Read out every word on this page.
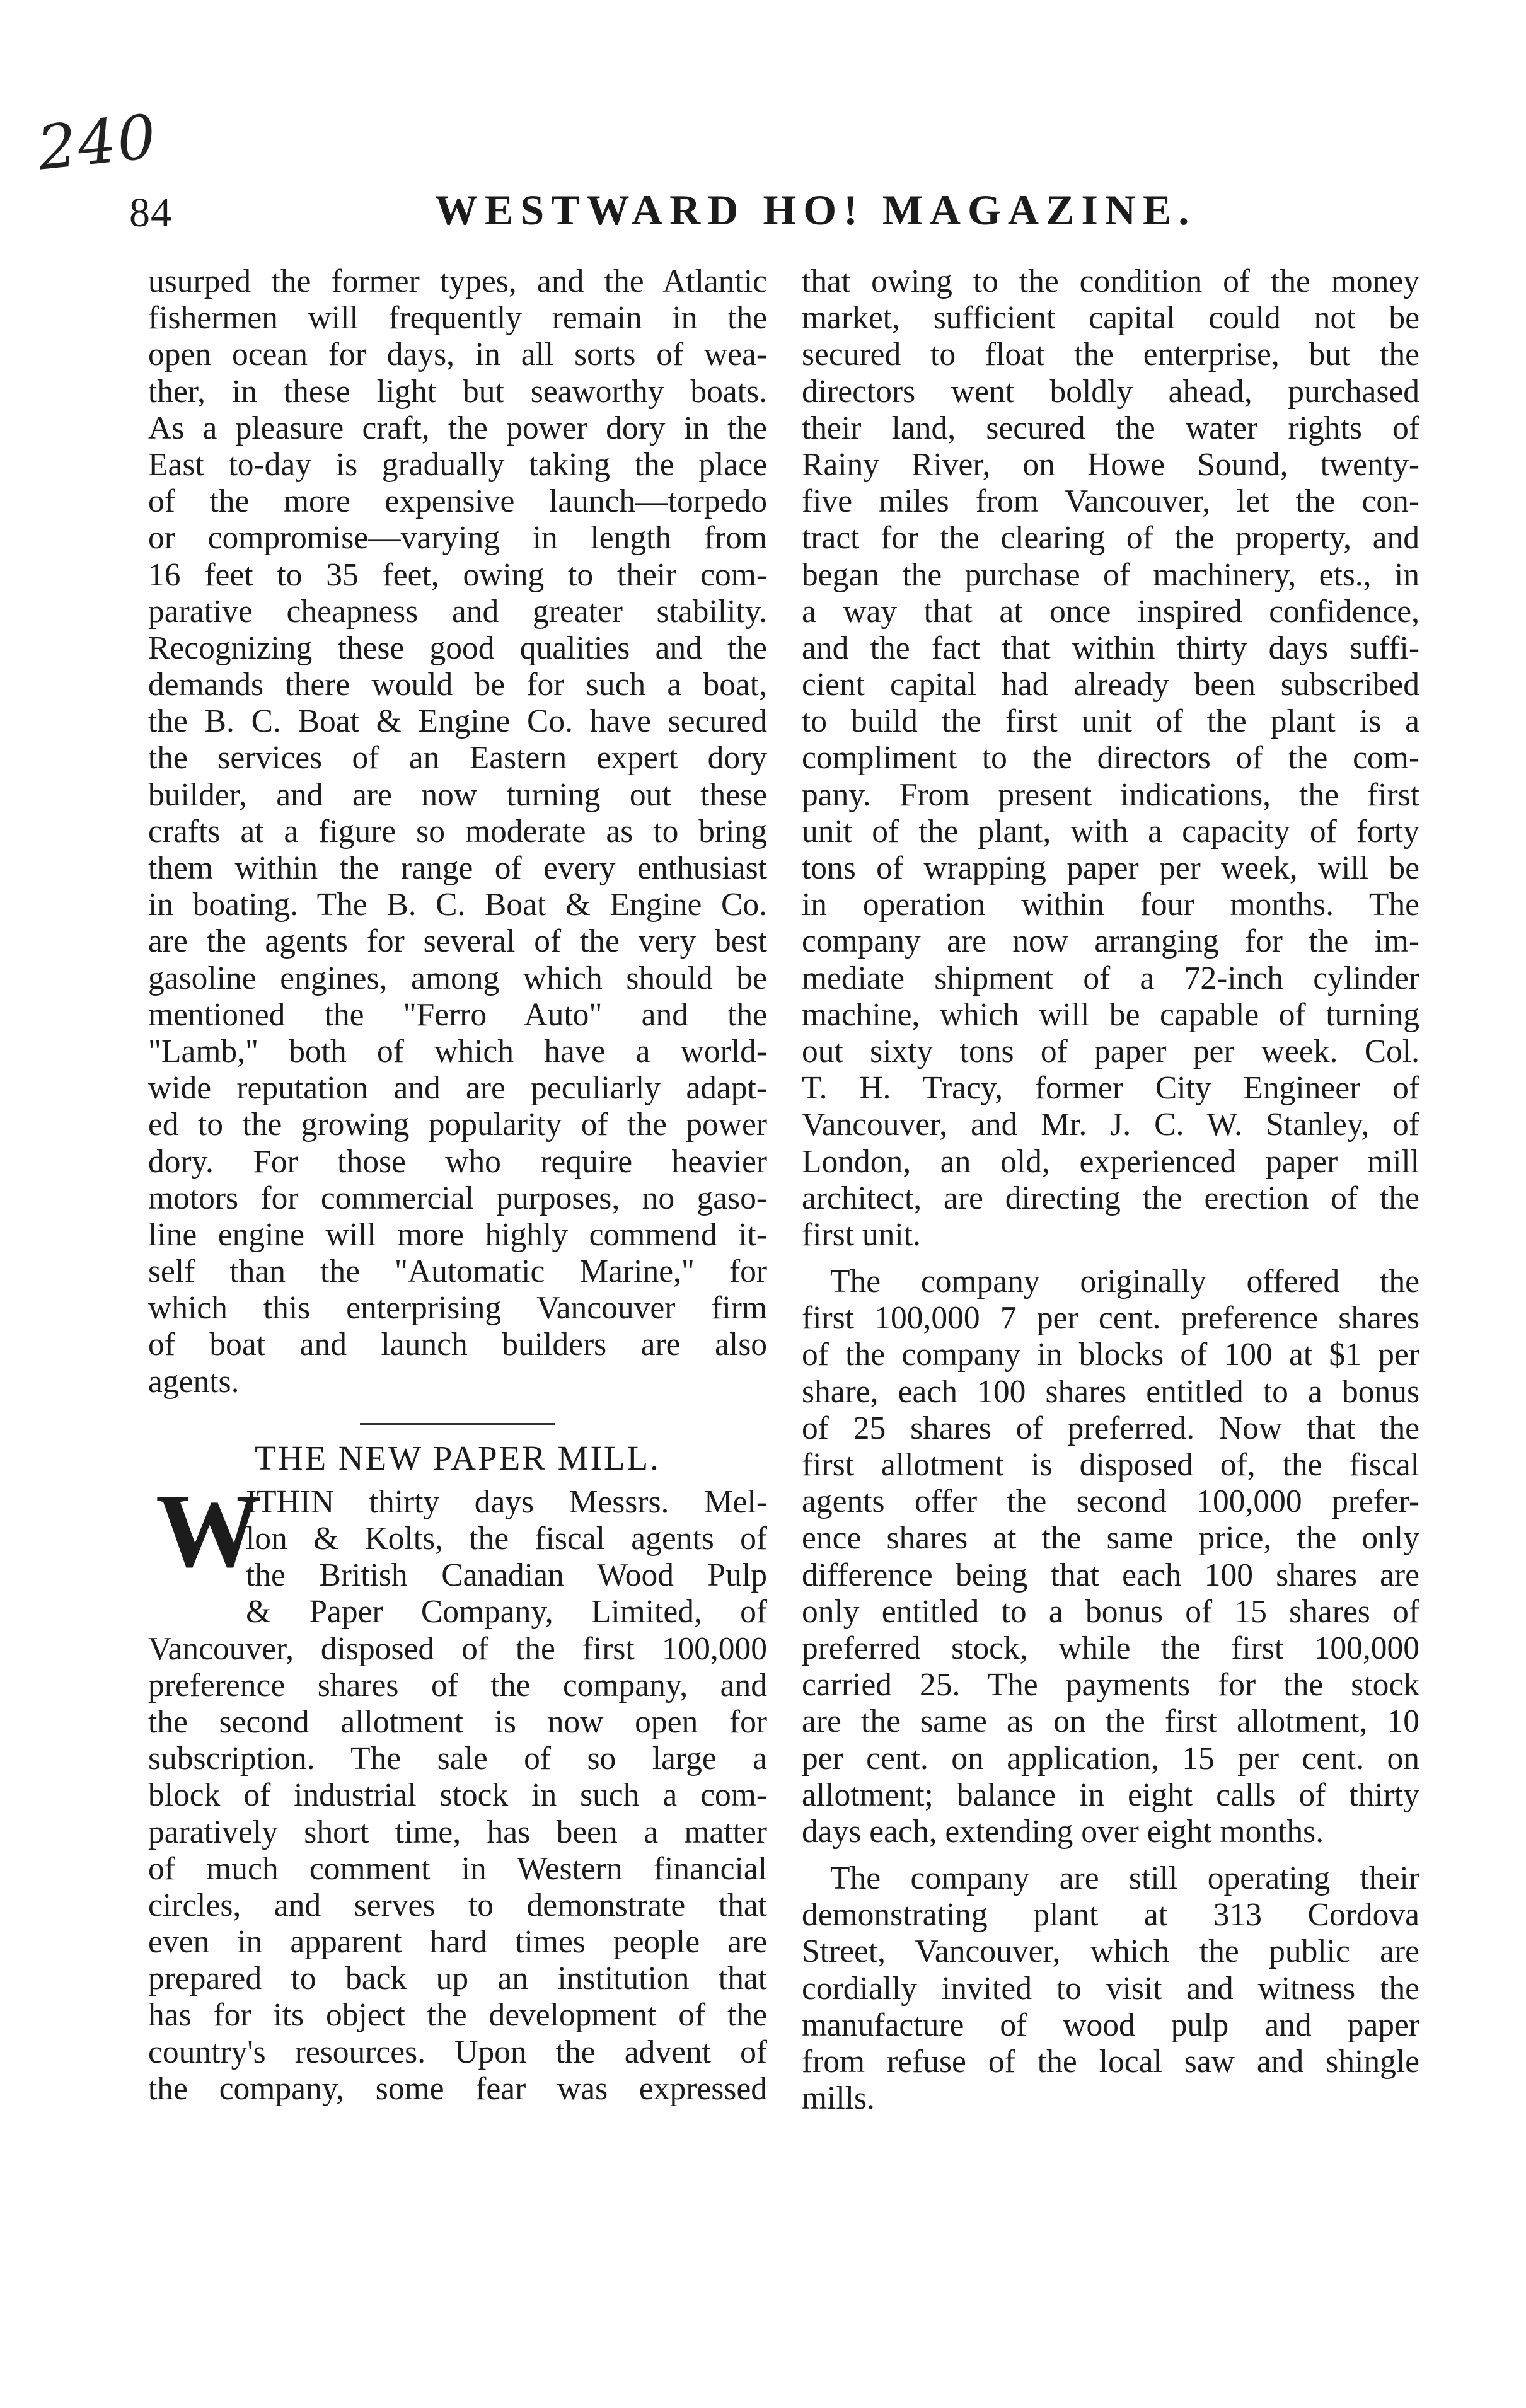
240
84	WESTWARD HO! MAGAZINE.
usurped the former types, and the Atlantic
fishermen will frequently remain in the
open ocean for days, in all sorts of wea-
ther, in these light but seaworthy boats.
As a pleasure craft, the power dory in the
East to-day is gradually taking the place
of the more expensive launch—torpedo
or compromise—varying in length from
16 feet to 35 feet, owing to their com-
parative cheapness and greater stability.
Recognizing these good qualities and the
demands there would be for such a boat,
the B. C. Boat & Engine Co. have secured
the services of an Eastern expert dory
builder, and are now turning out these
crafts at a figure so moderate as to bring
them within the range of every enthusiast
in boating. The B. C. Boat & Engine Co.
are the agents for several of the very best
gasoline engines, among which should be
mentioned the "Ferro Auto" and the
"Lamb," both of which have a world-
wide reputation and are peculiarly adapt-
ed to the growing popularity of the power
dory. For those who require heavier
motors for commercial purposes, no gaso-
line engine will more highly commend it-
self than the "Automatic Marine," for
which this enterprising Vancouver firm
of boat and launch builders are also
agents.
THE NEW PAPER MILL.
W
ITHIN thirty days Messrs. Mel-
lon & Kolts, the fiscal agents of
the British Canadian Wood Pulp
& Paper Company, Limited, of
Vancouver, disposed of the first 100,000
preference shares of the company, and
the second allotment is now open for
subscription. The sale of so large a
block of industrial stock in such a com-
paratively short time, has been a matter
of much comment in Western financial
circles, and serves to demonstrate that
even in apparent hard times people are
prepared to back up an institution that
has for its object the development of the
country's resources. Upon the advent of
the company, some fear was expressed
that owing to the condition of the money
market, sufficient capital could not be
secured to float the enterprise, but the
directors went boldly ahead, purchased
their land, secured the water rights of
Rainy River, on Howe Sound, twenty-
five miles from Vancouver, let the con-
tract for the clearing of the property, and
began the purchase of machinery, ets., in
a way that at once inspired confidence,
and the fact that within thirty days suffi-
cient capital had already been subscribed
to build the first unit of the plant is a
compliment to the directors of the com-
pany. From present indications, the first
unit of the plant, with a capacity of forty
tons of wrapping paper per week, will be
in operation within four months. The
company are now arranging for the im-
mediate shipment of a 72-inch cylinder
machine, which will be capable of turning
out sixty tons of paper per week. Col.
T. H. Tracy, former City Engineer of
Vancouver, and Mr. J. C. W. Stanley, of
London, an old, experienced paper mill
architect, are directing the erection of the
first unit.
The company originally offered the
first 100,000 7 per cent. preference shares
of the company in blocks of 100 at $1 per
share, each 100 shares entitled to a bonus
of 25 shares of preferred. Now that the
first allotment is disposed of, the fiscal
agents offer the second 100,000 prefer-
ence shares at the same price, the only
difference being that each 100 shares are
only entitled to a bonus of 15 shares of
preferred stock, while the first 100,000
carried 25. The payments for the stock
are the same as on the first allotment, 10
per cent. on application, 15 per cent. on
allotment; balance in eight calls of thirty
days each, extending over eight months.
The company are still operating their
demonstrating plant at 313 Cordova
Street, Vancouver, which the public are
cordially invited to visit and witness the
manufacture of wood pulp and paper
from refuse of the local saw and shingle
mills.
